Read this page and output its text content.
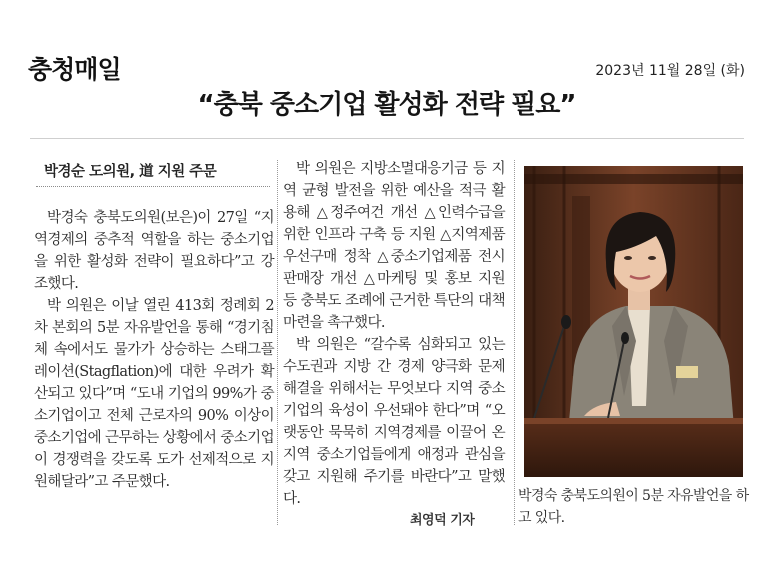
충청매일	2023년 11월 28일 (화)
“충북 중소기업 활성화 전략 필요”
박경순 도의원, 道 지원 주문

박경숙 충북도의원(보은)이 27일 “지역경제의 중추적 역할을 하는 중소기업을 위한 활성화 전략이 필요하다”고 강조했다.

박 의원은 이날 열린 413회 정례회 2차 본회의 5분 자유발언을 통해 “경기침체 속에서도 물가가 상승하는 스태그플레이션(Stagflation)에 대한 우려가 확산되고 있다”며 “도내 기업의 99%가 중소기업이고 전체 근로자의 90% 이상이 중소기업에 근무하는 상황에서 중소기업이 경쟁력을 갖도록 도가 선제적으로 지원해달라”고 주문했다.

박 의원은 지방소멸대응기금 등 지역 균형 발전을 위한 예산을 적극 활용해 △정주여건 개선 △인력수급을 위한 인프라 구축 등 지원 △지역제품 우선구매 정착 △중소기업제품 전시판매장 개선 △마케팅 및 홍보 지원 등 충북도 조례에 근거한 특단의 대책 마련을 촉구했다.

박 의원은 “갈수록 심화되고 있는 수도권과 지방 간 경제 양극화 문제 해결을 위해서는 무엇보다 지역 중소기업의 육성이 우선돼야 한다”며 “오랫동안 묵묵히 지역경제를 이끌어 온 지역 중소기업들에게 애정과 관심을 갖고 지원해 주기를 바란다”고 말했다.

최영덕 기자
박경숙 충북도의원이 5분 자유발언을 하고 있다.
